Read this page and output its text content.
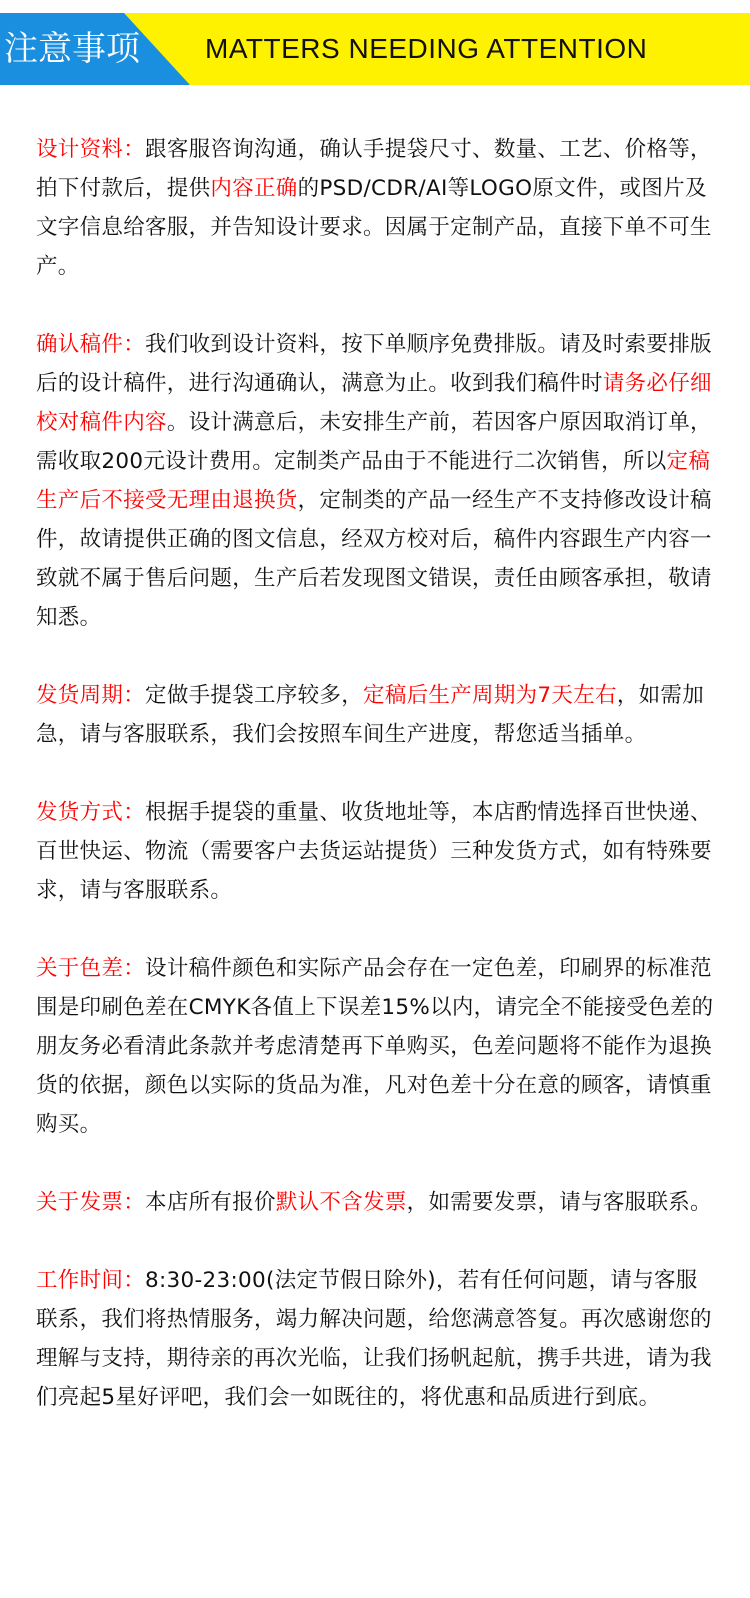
注意事项 MATTERS NEEDING ATTENTION

设计资料：跟客服咨询沟通，确认手提袋尺寸、数量、工艺、价格等，拍下付款后，提供内容正确的PSD/CDR/AI等LOGO原文件，或图片及文字信息给客服，并告知设计要求。因属于定制产品，直接下单不可生产。

确认稿件：我们收到设计资料，按下单顺序免费排版。请及时索要排版后的设计稿件，进行沟通确认，满意为止。收到我们稿件时请务必仔细校对稿件内容。设计满意后，未安排生产前，若因客户原因取消订单，需收取200元设计费用。定制类产品由于不能进行二次销售，所以定稿生产后不接受无理由退换货，定制类的产品一经生产不支持修改设计稿件，故请提供正确的图文信息，经双方校对后，稿件内容跟生产内容一致就不属于售后问题，生产后若发现图文错误，责任由顾客承担，敬请知悉。

发货周期：定做手提袋工序较多，定稿后生产周期为7天左右，如需加急，请与客服联系，我们会按照车间生产进度，帮您适当插单。

发货方式：根据手提袋的重量、收货地址等，本店酌情选择百世快递、百世快运、物流（需要客户去货运站提货）三种发货方式，如有特殊要求，请与客服联系。

关于色差：设计稿件颜色和实际产品会存在一定色差，印刷界的标准范围是印刷色差在CMYK各值上下误差15%以内，请完全不能接受色差的朋友务必看清此条款并考虑清楚再下单购买，色差问题将不能作为退换货的依据，颜色以实际的货品为准，凡对色差十分在意的顾客，请慎重购买。

关于发票：本店所有报价默认不含发票，如需要发票，请与客服联系。

工作时间：8:30-23:00(法定节假日除外)，若有任何问题，请与客服联系，我们将热情服务，竭力解决问题，给您满意答复。再次感谢您的理解与支持，期待亲的再次光临，让我们扬帆起航，携手共进，请为我们亮起5星好评吧，我们会一如既往的，将优惠和品质进行到底。
